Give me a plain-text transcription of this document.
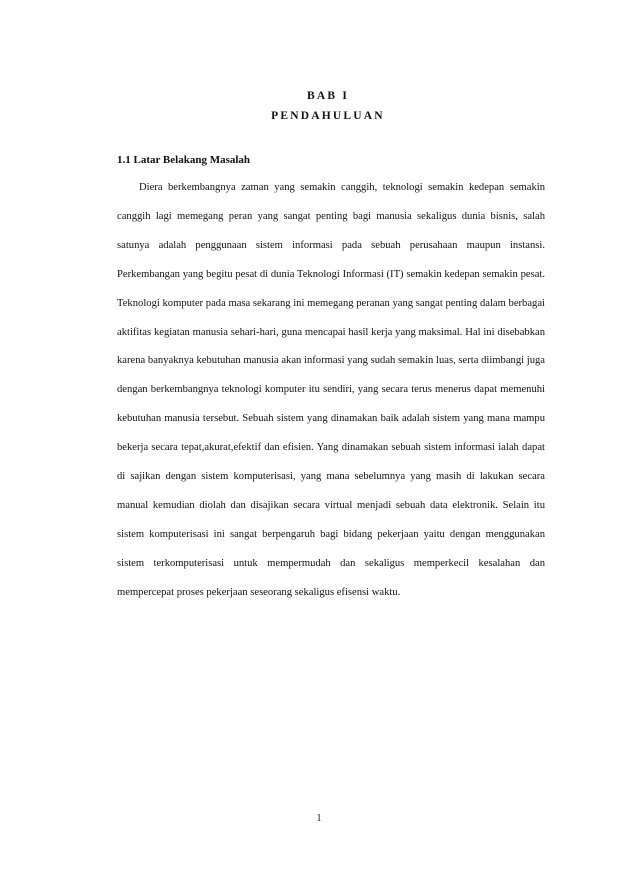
BAB I
PENDAHULUAN
1.1 Latar Belakang Masalah

Diera berkembangnya zaman yang semakin canggih, teknologi semakin kedepan semakin canggih lagi memegang peran yang sangat penting bagi manusia sekaligus dunia bisnis, salah satunya adalah penggunaan sistem informasi pada sebuah perusahaan maupun instansi. Perkembangan yang begitu pesat di dunia Teknologi Informasi (IT) semakin kedepan semakin pesat. Teknologi komputer pada masa sekarang ini memegang peranan yang sangat penting dalam berbagai aktifitas kegiatan manusia sehari-hari, guna mencapai hasil kerja yang maksimal. Hal ini disebabkan karena banyaknya kebutuhan manusia akan informasi yang sudah semakin luas, serta diimbangi juga dengan berkembangnya teknologi komputer itu sendiri, yang secara terus menerus dapat memenuhi kebutuhan manusia tersebut. Sebuah sistem yang dinamakan baik adalah sistem yang mana mampu bekerja secara tepat,akurat,efektif dan efisien. Yang dinamakan sebuah sistem informasi ialah dapat di sajikan dengan sistem komputerisasi, yang mana sebelumnya yang masih di lakukan secara manual kemudian diolah dan disajikan secara virtual menjadi sebuah data elektronik. Selain itu sistem komputerisasi ini sangat berpengaruh bagi bidang pekerjaan yaitu dengan menggunakan sistem terkomputerisasi untuk mempermudah dan sekaligus memperkecil kesalahan dan mempercepat proses pekerjaan seseorang sekaligus efisensi waktu.

1
